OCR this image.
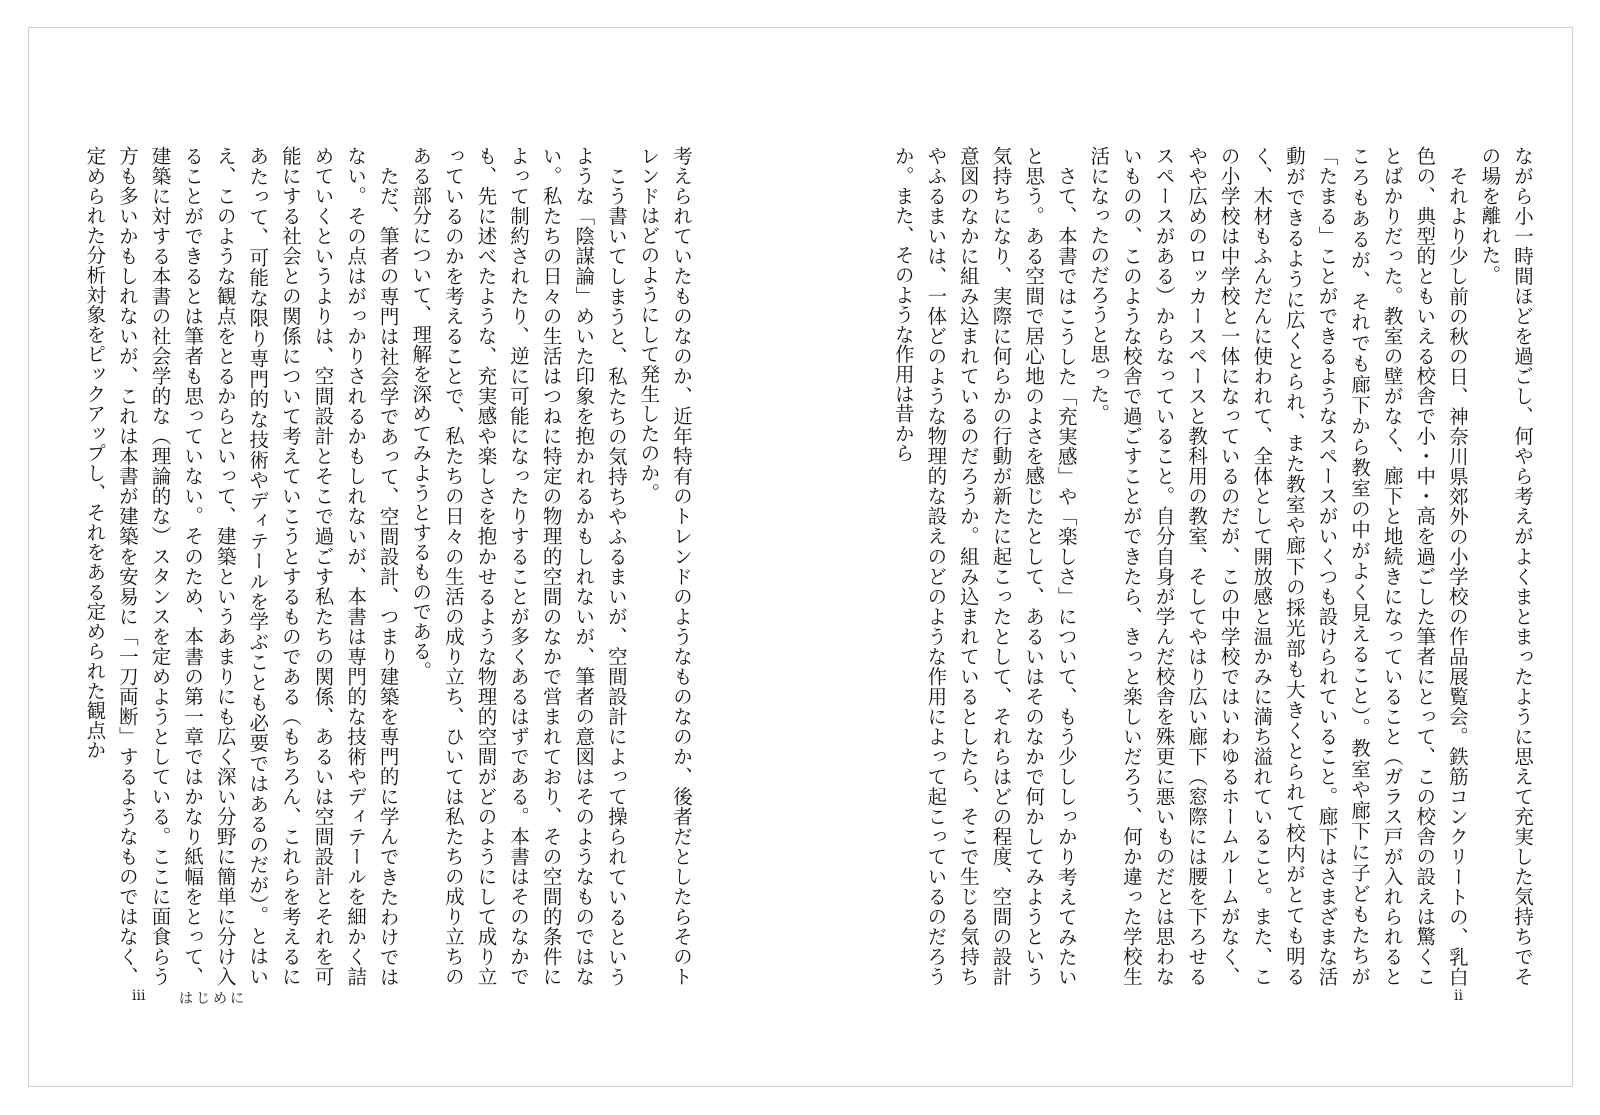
考えられていたものなのか、近年特有のトレンドのようなものなのか、後者だとしたらそのトレンドはどのようにして発生したのか。

こう書いてしまうと、私たちの気持ちやふるまいが、空間設計によって操られているというような「陰謀論」めいた印象を抱かれるかもしれないが、筆者の意図はそのようなものではない。私たちの日々の生活はつねに特定の物理的空間のなかで営まれており、その空間的条件によって制約されたり、逆に可能になったりすることが多くあるはずである。本書はそのなかでも、先に述べたような、充実感や楽しさを抱かせるような物理的空間がどのようにして成り立っているのかを考えることで、私たちの日々の生活の成り立ち、ひいては私たちの成り立ちのある部分について、理解を深めてみようとするものである。

ただ、筆者の専門は社会学であって、空間設計、つまり建築を専門的に学んできたわけではない。その点はがっかりされるかもしれないが、本書は専門的な技術やディテールを細かく詰めていくというよりは、空間設計とそこで過ごす私たちの関係、あるいは空間設計とそれを可能にする社会との関係について考えていこうとするものである（もちろん、これらを考えるにあたって、可能な限り専門的な技術やディテールを学ぶことも必要ではあるのだが）。とはいえ、このような観点をとるからといって、建築というあまりにも広く深い分野に簡単に分け入ることができるとは筆者も思っていない。そのため、本書の第一章ではかなり紙幅をとって、建築に対する本書の社会学的な（理論的な）スタンスを定めようとしている。ここに面食らう方も多いかもしれないが、これは本書が建築を安易に「一刀両断」するようなものではなく、定められた分析対象をピックアップし、それをある定められた観点か

iii はじめに

ながら小一時間ほどを過ごし、何やら考えがよくまとまったように思えて充実した気持ちでその場を離れた。

それより少し前の秋の日、神奈川県郊外の小学校の作品展覧会。鉄筋コンクリートの、乳白色の、典型的ともいえる校舎で小・中・高を過ごした筆者にとって、この校舎の設えは驚くことばかりだった。教室の壁がなく、廊下と地続きになっていること（ガラス戸が入れられるところもあるが、それでも廊下から教室の中がよく見えること）。教室や廊下に子どもたちが「たまる」ことができるようなスペースがいくつも設けられていること。廊下はさまざまな活動ができるように広くとられ、また教室や廊下の採光部も大きくとられて校内がとても明るく、木材もふんだんに使われて、全体として開放感と温かみに満ち溢れていること。また、この小学校は中学校と一体になっているのだが、この中学校ではいわゆるホームルームがなく、やや広めのロッカースペースと教科用の教室、そしてやはり広い廊下（窓際には腰を下ろせるスペースがある）からなっていること。自分自身が学んだ校舎を殊更に悪いものだとは思わないものの、このような校舎で過ごすことができたら、きっと楽しいだろう、何か違った学校生活になったのだろうと思った。

さて、本書ではこうした「充実感」や「楽しさ」について、もう少ししっかり考えてみたいと思う。ある空間で居心地のよさを感じたとして、あるいはそのなかで何かしてみようという気持ちになり、実際に何らかの行動が新たに起こったとして、それらはどの程度、空間の設計意図のなかに組み込まれているのだろうか。組み込まれているとしたら、そこで生じる気持ちやふるまいは、一体どのような物理的な設えのどのような作用によって起こっているのだろうか。また、そのような作用は昔から

ii
